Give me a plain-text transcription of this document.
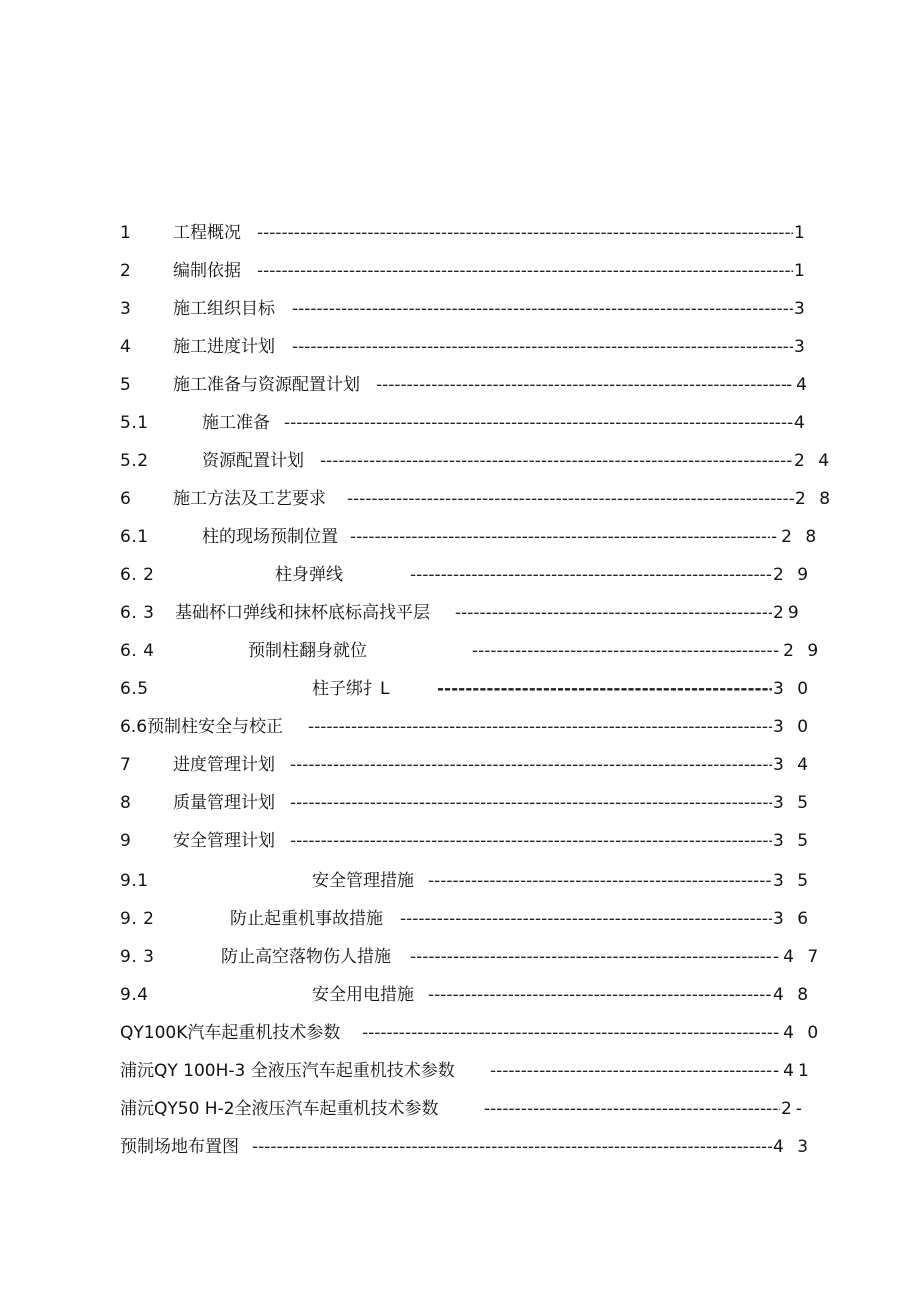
1 工程概况 -----	1
2 编制依据 -----	1
3 施工组织目标 -----	3
4 施工进度计划 -----	3
5 施工准备与资源配置计划 -----	-4
5.1	施工准备 -----	4
5.2	资源配置计划 -----	2 4
6 施工方法及工艺要求 -----	2 8
6.1	柱的现场预制位置 -----	-2 8
6. 2	柱身弹线 -----	2 9
6. 3 基础杯口弹线和抹杯底标高找平层 -----	29
6. 4	预制柱翻身就位 -----	-2 9
6.5	柱子绑扌L -----	3 0
6.6预制柱安全与校正 -----	3 0
7 进度管理计划 -----	3 4
8 质量管理计划 -----	3 5
9 安全管理计划 -----	3 5
9.1	安全管理措施 -----	3 5
9. 2	防止起重机事故措施 -----	3 6
9. 3	防止高空落物伤人措施 -----	-4 7
9.4	安全用电措施 -----	4 8
QY100K汽车起重机技术参数 -----	-4 0
浦沅QY 100H-3 全液压汽车起重机技术参数 -----	-41
浦沅QY50 H-2全液压汽车起重机技术参数 -----	2-
预制场地布置图 -----	4 3
